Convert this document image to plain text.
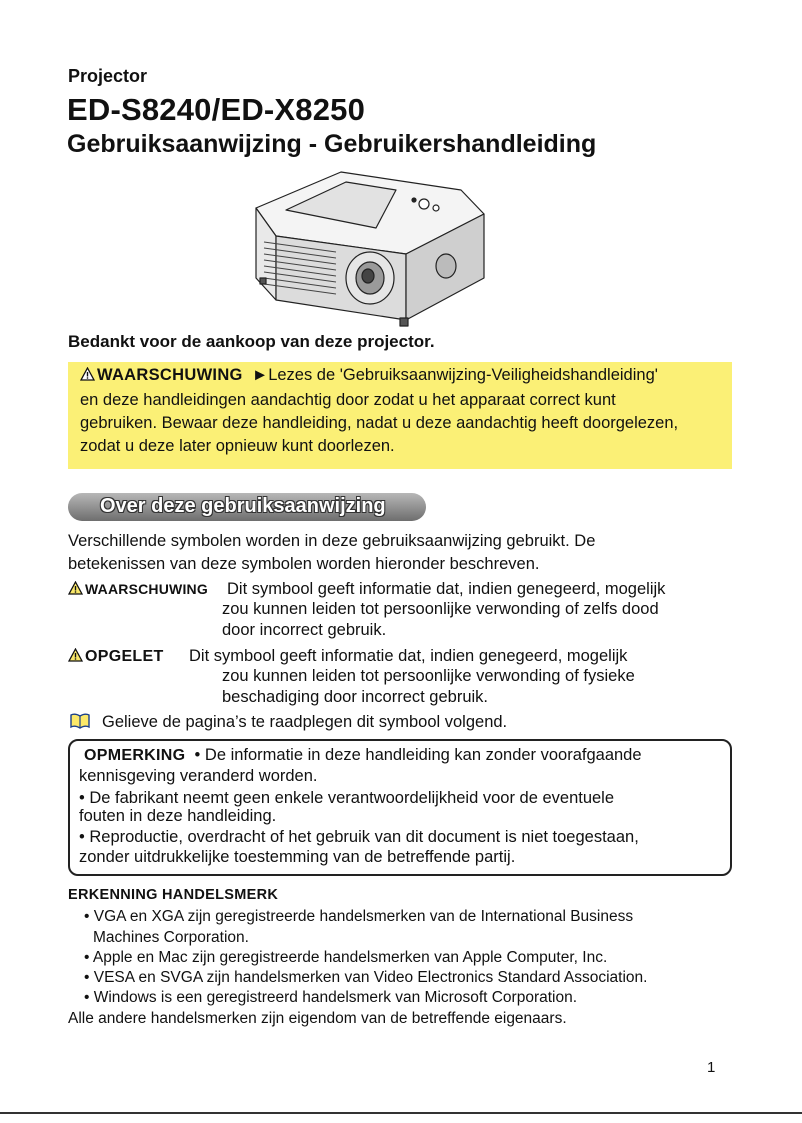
Projector
ED-S8240/ED-X8250
Gebruiksaanwijzing - Gebruikershandleiding
Bedankt voor de aankoop van deze projector.
WAARSCHUWING ►Lezes de 'Gebruiksaanwijzing-Veiligheidshandleiding'
en deze handleidingen aandachtig door zodat u het apparaat correct kunt
gebruiken. Bewaar deze handleiding, nadat u deze aandachtig heeft doorgelezen,
zodat u deze later opnieuw kunt doorlezen.
Over deze gebruiksaanwijzing
Verschillende symbolen worden in deze gebruiksaanwijzing gebruikt. De
betekenissen van deze symbolen worden hieronder beschreven.
WAARSCHUWING Dit symbool geeft informatie dat, indien genegeerd, mogelijk
zou kunnen leiden tot persoonlijke verwonding of zelfs dood
door incorrect gebruik.
OPGELET Dit symbool geeft informatie dat, indien genegeerd, mogelijk
zou kunnen leiden tot persoonlijke verwonding of fysieke
beschadiging door incorrect gebruik.
Gelieve de pagina’s te raadplegen dit symbool volgend.
OPMERKING • De informatie in deze handleiding kan zonder voorafgaande
kennisgeving veranderd worden.
• De fabrikant neemt geen enkele verantwoordelijkheid voor de eventuele
fouten in deze handleiding.
• Reproductie, overdracht of het gebruik van dit document is niet toegestaan,
zonder uitdrukkelijke toestemming van de betreffende partij.
ERKENNING HANDELSMERK
• VGA en XGA zijn geregistreerde handelsmerken van de International Business
Machines Corporation.
• Apple en Mac zijn geregistreerde handelsmerken van Apple Computer, Inc.
• VESA en SVGA zijn handelsmerken van Video Electronics Standard Association.
• Windows is een geregistreerd handelsmerk van Microsoft Corporation.
Alle andere handelsmerken zijn eigendom van de betreffende eigenaars.
1
